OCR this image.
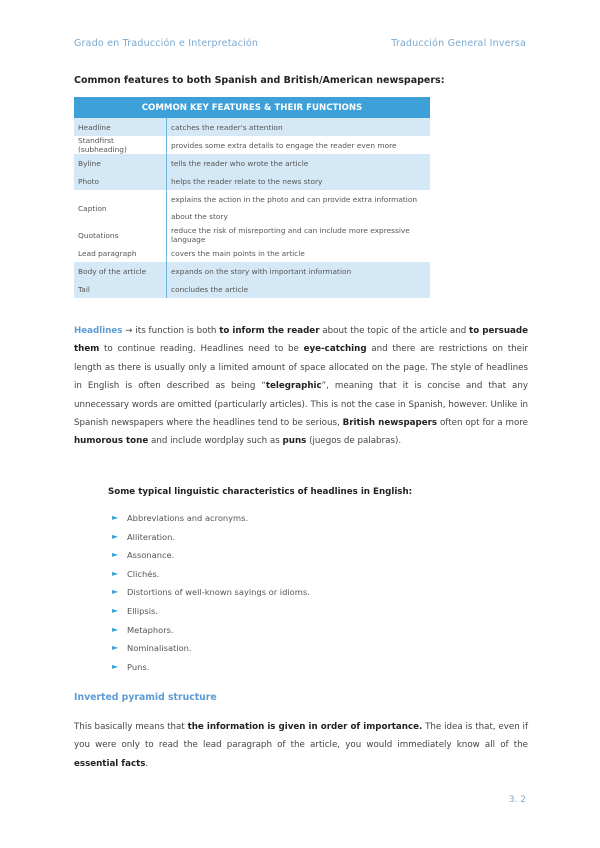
Grado en Traducción e Interpretación	Traducción General Inversa
Common features to both Spanish and British/American newspapers:
COMMON KEY FEATURES & THEIR FUNCTIONS	
Headline	catches the reader's attention
Standfirst (subheading)	provides some extra details to engage the reader even more
Byline	tells the reader who wrote the article
Photo	helps the reader relate to the news story
Caption	explains the action in the photo and can provide extra information about the story
Quotations	reduce the risk of misreporting and can include more expressive language
Lead paragraph	covers the main points in the article
Body of the article	expands on the story with important information
Tail	concludes the article
Headlines → its function is both to inform the reader about the topic of the article and to persuade them to continue reading. Headlines need to be eye-catching and there are restrictions on their length as there is usually only a limited amount of space allocated on the page. The style of headlines in English is often described as being “telegraphic”, meaning that it is concise and that any unnecessary words are omitted (particularly articles). This is not the case in Spanish, however. Unlike in Spanish newspapers where the headlines tend to be serious, British newspapers often opt for a more humorous tone and include wordplay such as puns (juegos de palabras).
Some typical linguistic characteristics of headlines in English:
► Abbreviations and acronyms.
► Alliteration.
► Assonance.
► Clichés.
► Distortions of well-known sayings or idioms.
► Ellipsis.
► Metaphors.
► Nominalisation.
► Puns.
Inverted pyramid structure
This basically means that the information is given in order of importance. The idea is that, even if you were only to read the lead paragraph of the article, you would immediately know all of the essential facts.
3. 2
